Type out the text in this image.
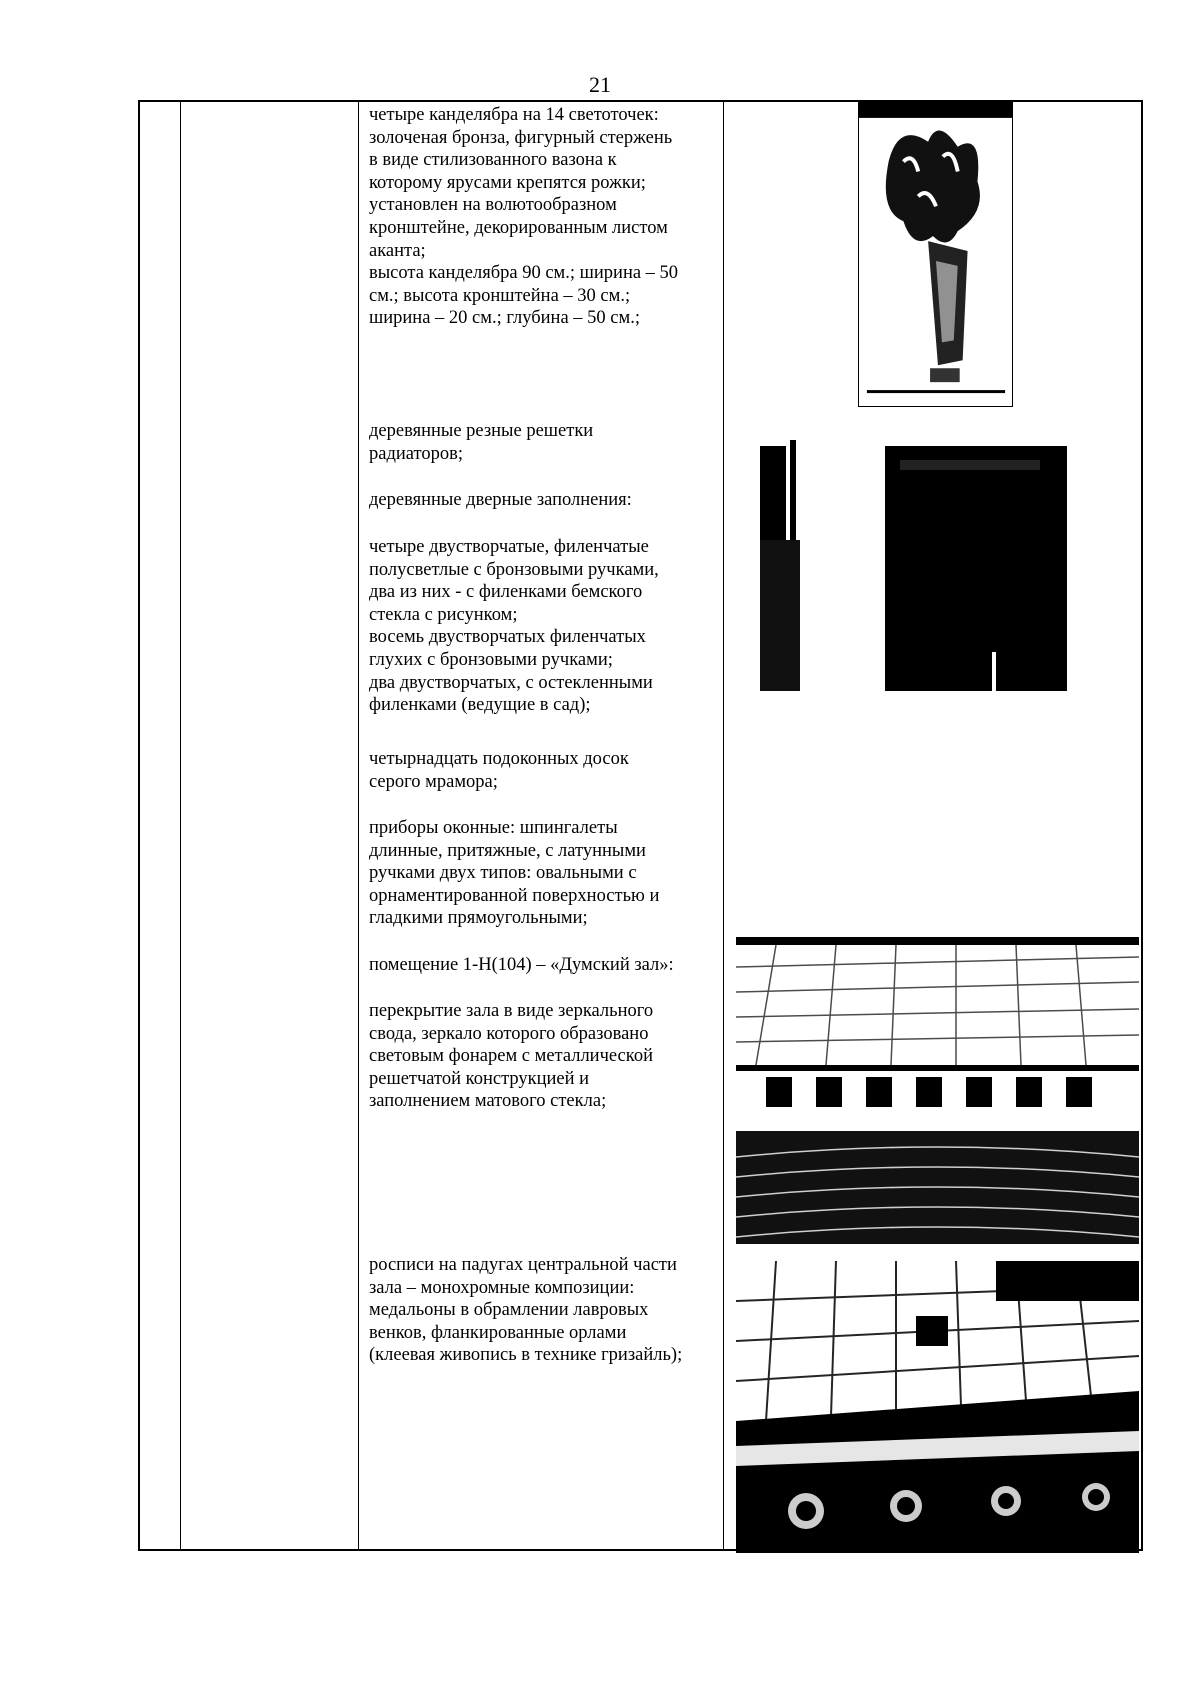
21
четыре канделябра на 14 светоточек:
золоченая бронза, фигурный стержень
в виде стилизованного вазона к
которому ярусами крепятся рожки;
установлен на волютообразном
кронштейне, декорированным листом
аканта;
высота канделябра 90 см.; ширина – 50
см.; высота кронштейна – 30 см.;
ширина – 20 см.; глубина – 50 см.;
деревянные резные решетки
радиаторов;
деревянные дверные заполнения:
четыре двустворчатые, филенчатые
полусветлые с бронзовыми ручками,
два из них - с филенками бемского
стекла с рисунком;
восемь двустворчатых филенчатых
глухих с бронзовыми ручками;
два двустворчатых, с остекленными
филенками (ведущие в сад);
четырнадцать подоконных досок
серого мрамора;
приборы оконные: шпингалеты
длинные, притяжные, с латунными
ручками двух типов: овальными с
орнаментированной поверхностью и
гладкими прямоугольными;
помещение 1-Н(104) – «Думский зал»:
перекрытие зала в виде зеркального
свода, зеркало которого образовано
световым фонарем с металлической
решетчатой конструкцией и
заполнением матового стекла;
росписи на падугах центральной части
зала – монохромные композиции:
медальоны в обрамлении лавровых
венков, фланкированные орлами
(клеевая живопись в технике гризайль);
